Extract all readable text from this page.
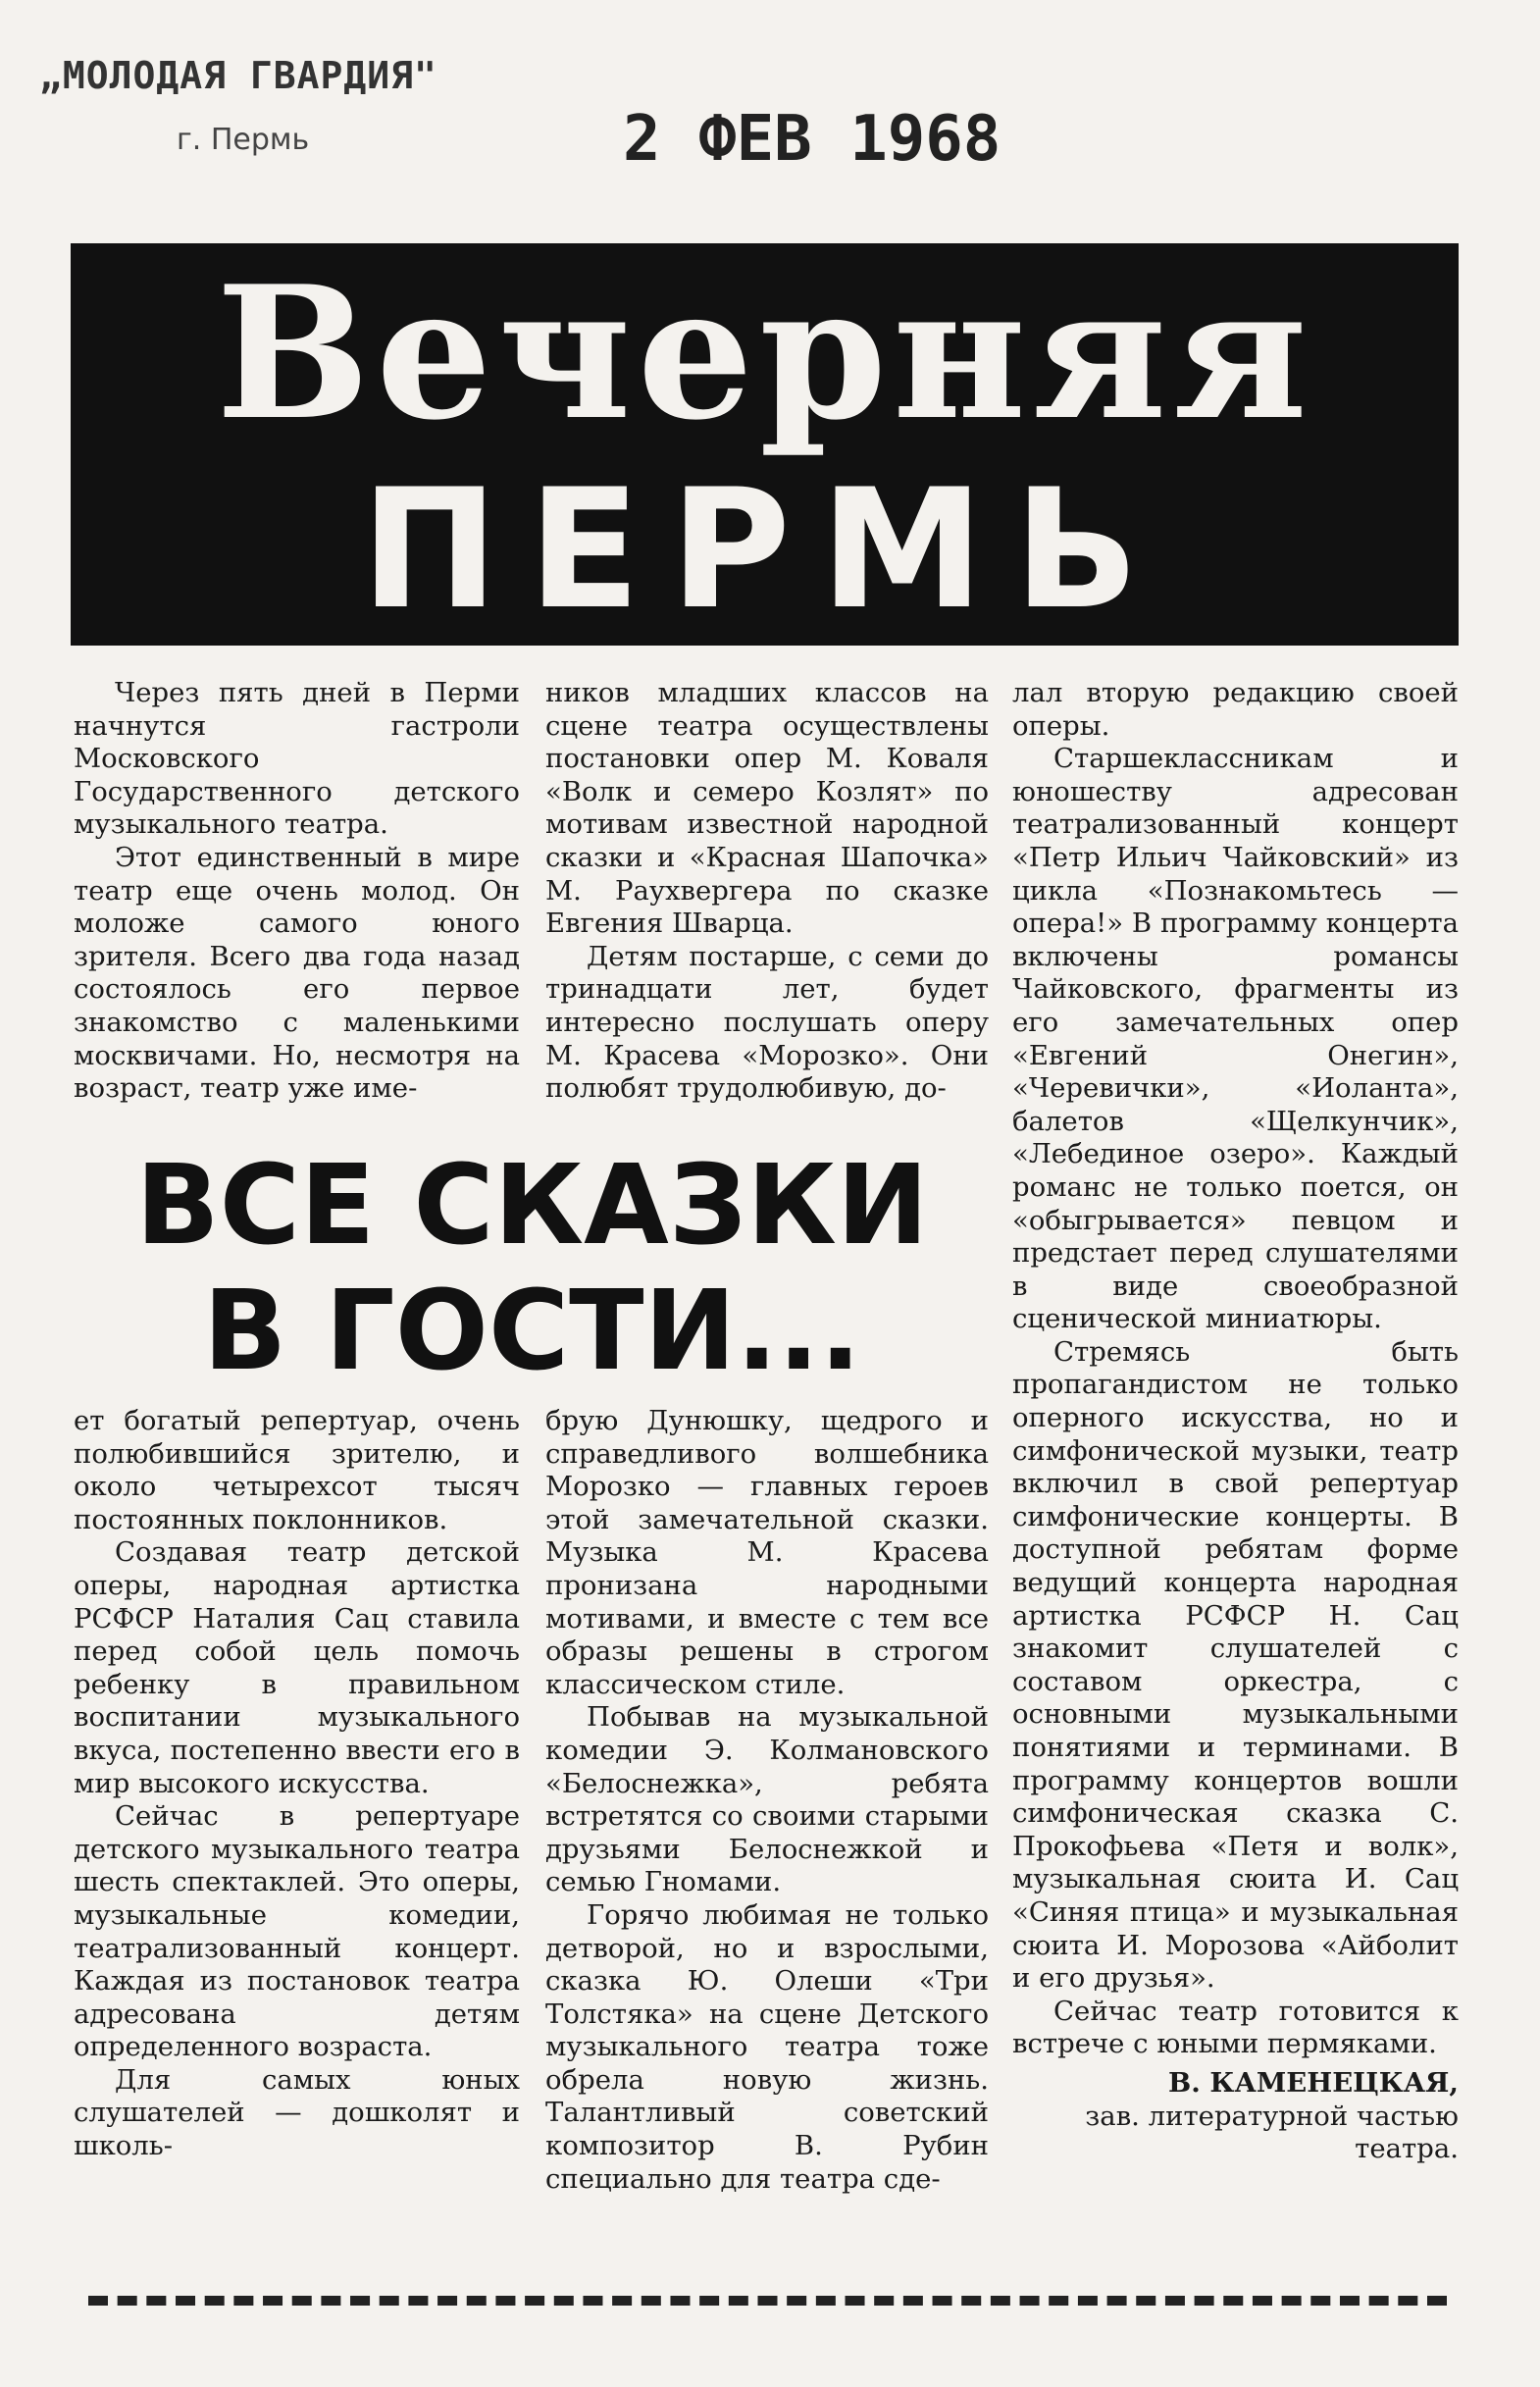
„МОЛОДАЯ ГВАРДИЯ"
г. Пермь	2 ФЕВ 1968
Вечерняя
ПЕРМЬ

Через пять дней в Перми начнутся гастроли Московского Государственного детского музыкального театра.

Этот единственный в мире театр еще очень молод. Он моложе самого юного зрителя. Всего два года назад состоялось его первое знакомство с маленькими москвичами. Но, несмотря на возраст, театр уже име-

ников младших классов на сцене театра осуществлены постановки опер М. Коваля «Волк и семеро Козлят» по мотивам известной народной сказки и «Красная Шапочка» М. Раухвергера по сказке Евгения Шварца.

Детям постарше, с семи до тринадцати лет, будет интересно послушать оперу М. Красева «Морозко». Они полюбят трудолюбивую, до-

лал вторую редакцию своей оперы.

Старшеклассникам и юношеству адресован театрализованный концерт «Петр Ильич Чайковский» из цикла «Познакомьтесь — опера!» В программу концерта включены романсы Чайковского, фрагменты из его замечательных опер «Евгений Онегин», «Черевички», «Иоланта», балетов «Щелкунчик», «Лебединое озеро». Каждый романс не только поется, он «обыгрывается» певцом и предстает перед слушателями в виде своеобразной сценической миниатюры.

Стремясь быть пропагандистом не только оперного искусства, но и симфонической музыки, театр включил в свой репертуар симфонические концерты. В доступной ребятам форме ведущий концерта народная артистка РСФСР Н. Сац знакомит слушателей с составом оркестра, с основными музыкальными понятиями и терминами. В программу концертов вошли симфоническая сказка С. Прокофьева «Петя и волк», музыкальная сюита И. Сац «Синяя птица» и музыкальная сюита И. Морозова «Айболит и его друзья».

Сейчас театр готовится к встрече с юными пермяками.

В. КАМЕНЕЦКАЯ,

зав. литературной частью

театра.

ВСЕ СКАЗКИ
В ГОСТИ...

ет богатый репертуар, очень полюбившийся зрителю, и около четырехсот тысяч постоянных поклонников.

Создавая театр детской оперы, народная артистка РСФСР Наталия Сац ставила перед собой цель помочь ребенку в правильном воспитании музыкального вкуса, постепенно ввести его в мир высокого искусства.

Сейчас в репертуаре детского музыкального театра шесть спектаклей. Это оперы, музыкальные комедии, театрализованный концерт. Каждая из постановок театра адресована детям определенного возраста.

Для самых юных слушателей — дошколят и школь-

брую Дунюшку, щедрого и справедливого волшебника Морозко — главных героев этой замечательной сказки. Музыка М. Красева пронизана народными мотивами, и вместе с тем все образы решены в строгом классическом стиле.

Побывав на музыкальной комедии Э. Колмановского «Белоснежка», ребята встретятся со своими старыми друзьями Белоснежкой и семью Гномами.

Горячо любимая не только детворой, но и взрослыми, сказка Ю. Олеши «Три Толстяка» на сцене Детского музыкального театра тоже обрела новую жизнь. Талантливый советский композитор В. Рубин специально для театра сде-
